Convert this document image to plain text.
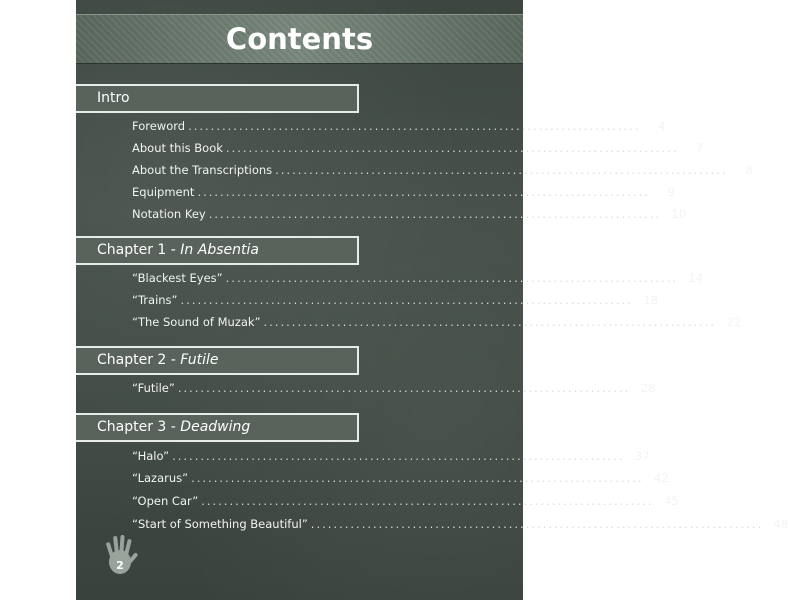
Contents
Intro
Foreword ................................................................................	4
About this Book ................................................................................	7
About the Transcriptions ................................................................................	8
Equipment ................................................................................	9
Notation Key ................................................................................ 10
Chapter 1 - In Absentia
“Blackest Eyes” ................................................................................ 14
“Trains” ................................................................................ 18
“The Sound of Muzak” ................................................................................ 22
Chapter 2 - Futile
“Futile” ................................................................................ 28
Chapter 3 - Deadwing
“Halo” ................................................................................ 37
“Lazarus” ................................................................................ 42
“Open Car” ................................................................................ 45
“Start of Something Beautiful” ................................................................................ 48
2
